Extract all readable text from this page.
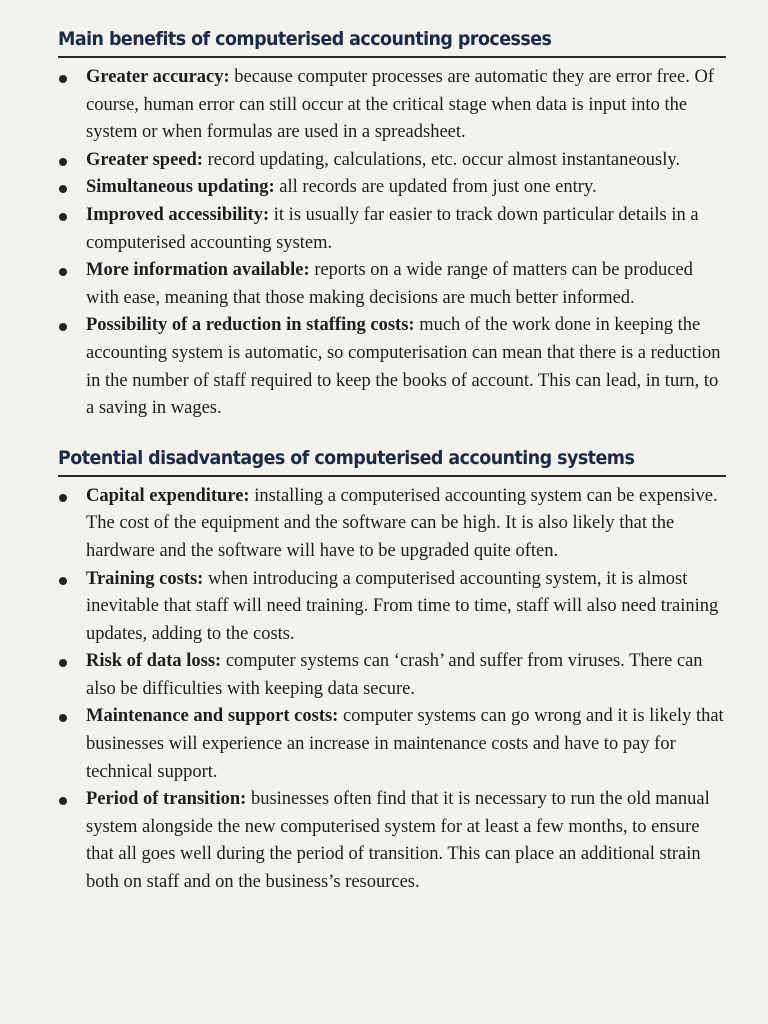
Main benefits of computerised accounting processes
Greater accuracy: because computer processes are automatic they are error free. Of course, human error can still occur at the critical stage when data is input into the system or when formulas are used in a spreadsheet.
Greater speed: record updating, calculations, etc. occur almost instantaneously.
Simultaneous updating: all records are updated from just one entry.
Improved accessibility: it is usually far easier to track down particular details in a computerised accounting system.
More information available: reports on a wide range of matters can be produced with ease, meaning that those making decisions are much better informed.
Possibility of a reduction in staffing costs: much of the work done in keeping the accounting system is automatic, so computerisation can mean that there is a reduction in the number of staff required to keep the books of account. This can lead, in turn, to a saving in wages.
Potential disadvantages of computerised accounting systems
Capital expenditure: installing a computerised accounting system can be expensive. The cost of the equipment and the software can be high. It is also likely that the hardware and the software will have to be upgraded quite often.
Training costs: when introducing a computerised accounting system, it is almost inevitable that staff will need training. From time to time, staff will also need training updates, adding to the costs.
Risk of data loss: computer systems can ‘crash’ and suffer from viruses. There can also be difficulties with keeping data secure.
Maintenance and support costs: computer systems can go wrong and it is likely that businesses will experience an increase in maintenance costs and have to pay for technical support.
Period of transition: businesses often find that it is necessary to run the old manual system alongside the new computerised system for at least a few months, to ensure that all goes well during the period of transition. This can place an additional strain both on staff and on the business’s resources.
